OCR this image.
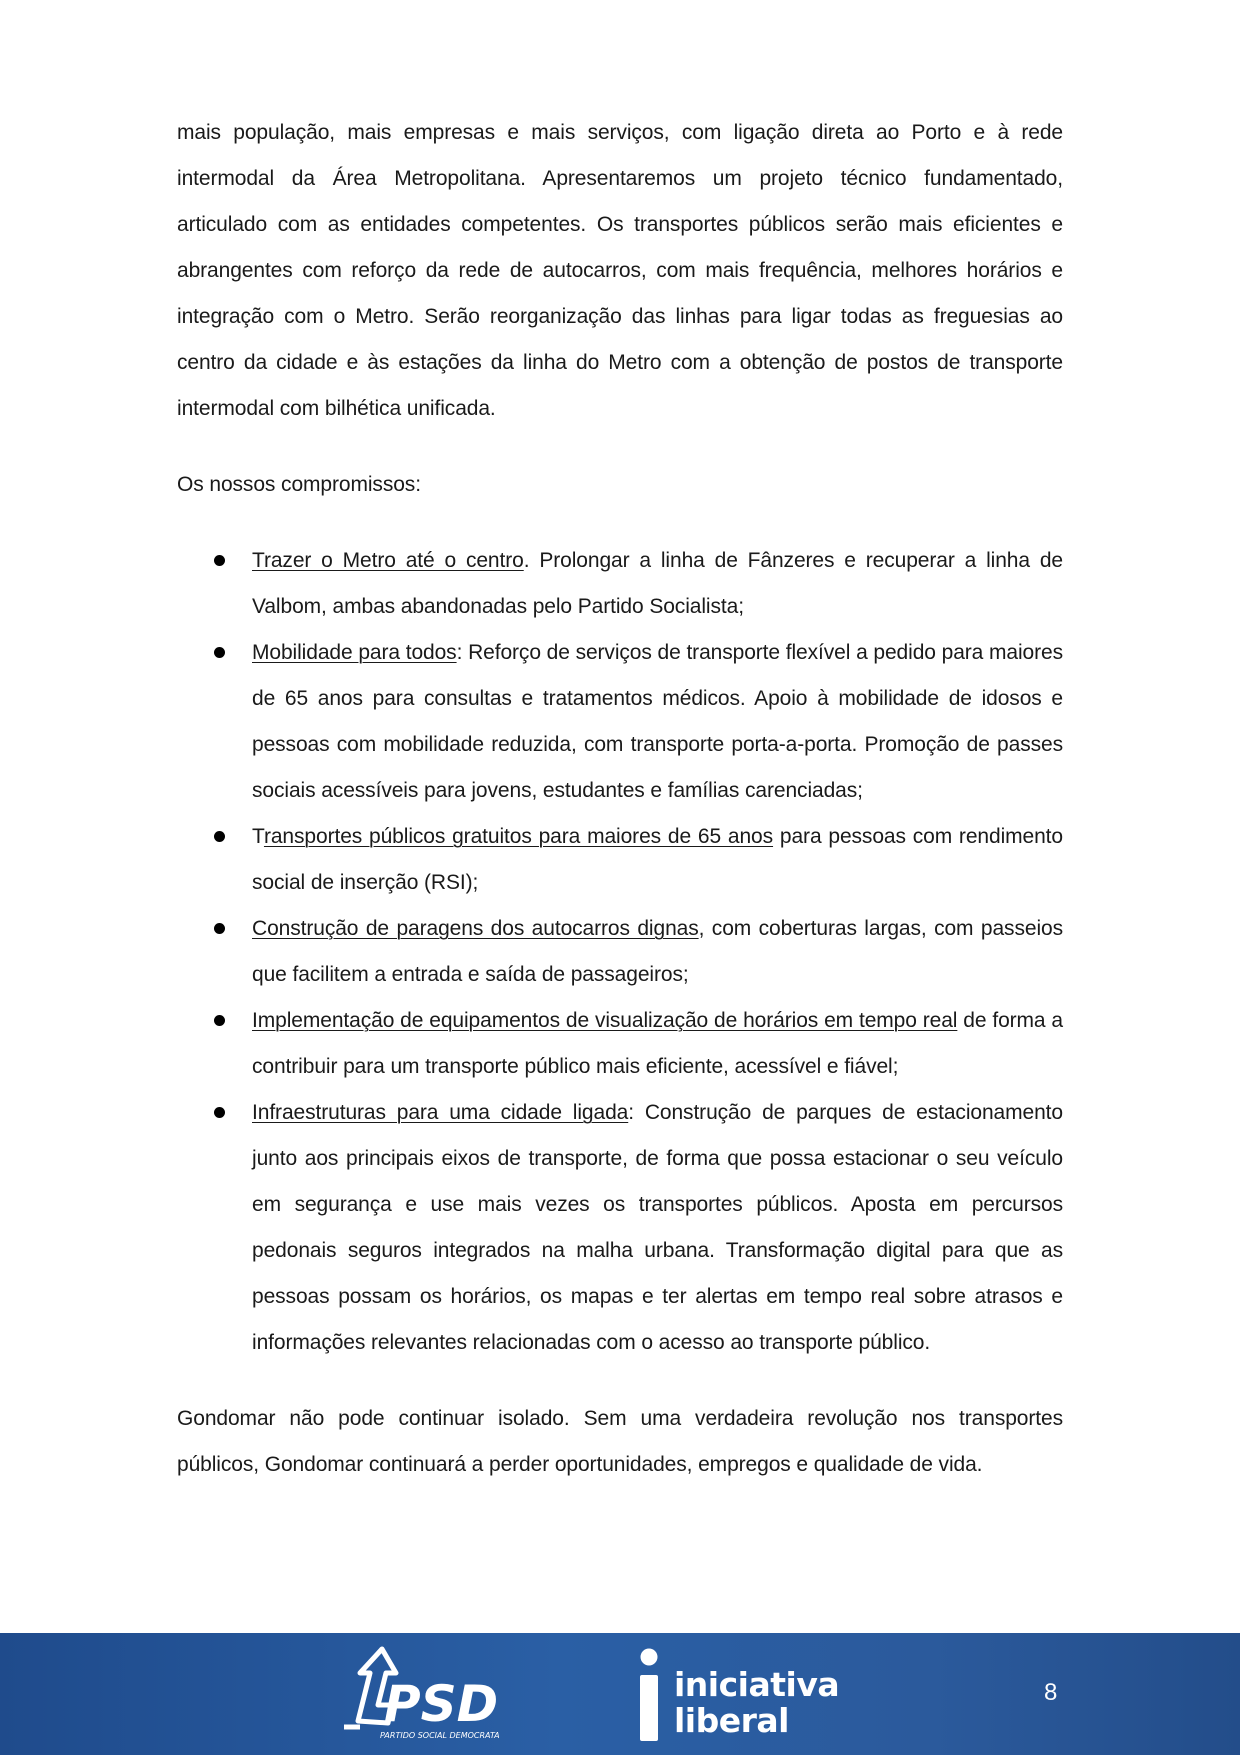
mais população, mais empresas e mais serviços, com ligação direta ao Porto e à rede intermodal da Área Metropolitana. Apresentaremos um projeto técnico fundamentado, articulado com as entidades competentes. Os transportes públicos serão mais eficientes e abrangentes com reforço da rede de autocarros, com mais frequência, melhores horários e integração com o Metro. Serão reorganização das linhas para ligar todas as freguesias ao centro da cidade e às estações da linha do Metro com a obtenção de postos de transporte intermodal com bilhética unificada.

Os nossos compromissos:

Trazer o Metro até o centro. Prolongar a linha de Fânzeres e recuperar a linha de Valbom, ambas abandonadas pelo Partido Socialista;
Mobilidade para todos: Reforço de serviços de transporte flexível a pedido para maiores de 65 anos para consultas e tratamentos médicos. Apoio à mobilidade de idosos e pessoas com mobilidade reduzida, com transporte porta-a-porta. Promoção de passes sociais acessíveis para jovens, estudantes e famílias carenciadas;
Transportes públicos gratuitos para maiores de 65 anos para pessoas com rendimento social de inserção (RSI);
Construção de paragens dos autocarros dignas, com coberturas largas, com passeios que facilitem a entrada e saída de passageiros;
Implementação de equipamentos de visualização de horários em tempo real de forma a contribuir para um transporte público mais eficiente, acessível e fiável;
Infraestruturas para uma cidade ligada: Construção de parques de estacionamento junto aos principais eixos de transporte, de forma que possa estacionar o seu veículo em segurança e use mais vezes os transportes públicos. Aposta em percursos pedonais seguros integrados na malha urbana. Transformação digital para que as pessoas possam os horários, os mapas e ter alertas em tempo real sobre atrasos e informações relevantes relacionadas com o acesso ao transporte público.

Gondomar não pode continuar isolado. Sem uma verdadeira revolução nos transportes públicos, Gondomar continuará a perder oportunidades, empregos e qualidade de vida.

PSD
PARTIDO SOCIAL DEMOCRATA
iniciativa
liberal
8
